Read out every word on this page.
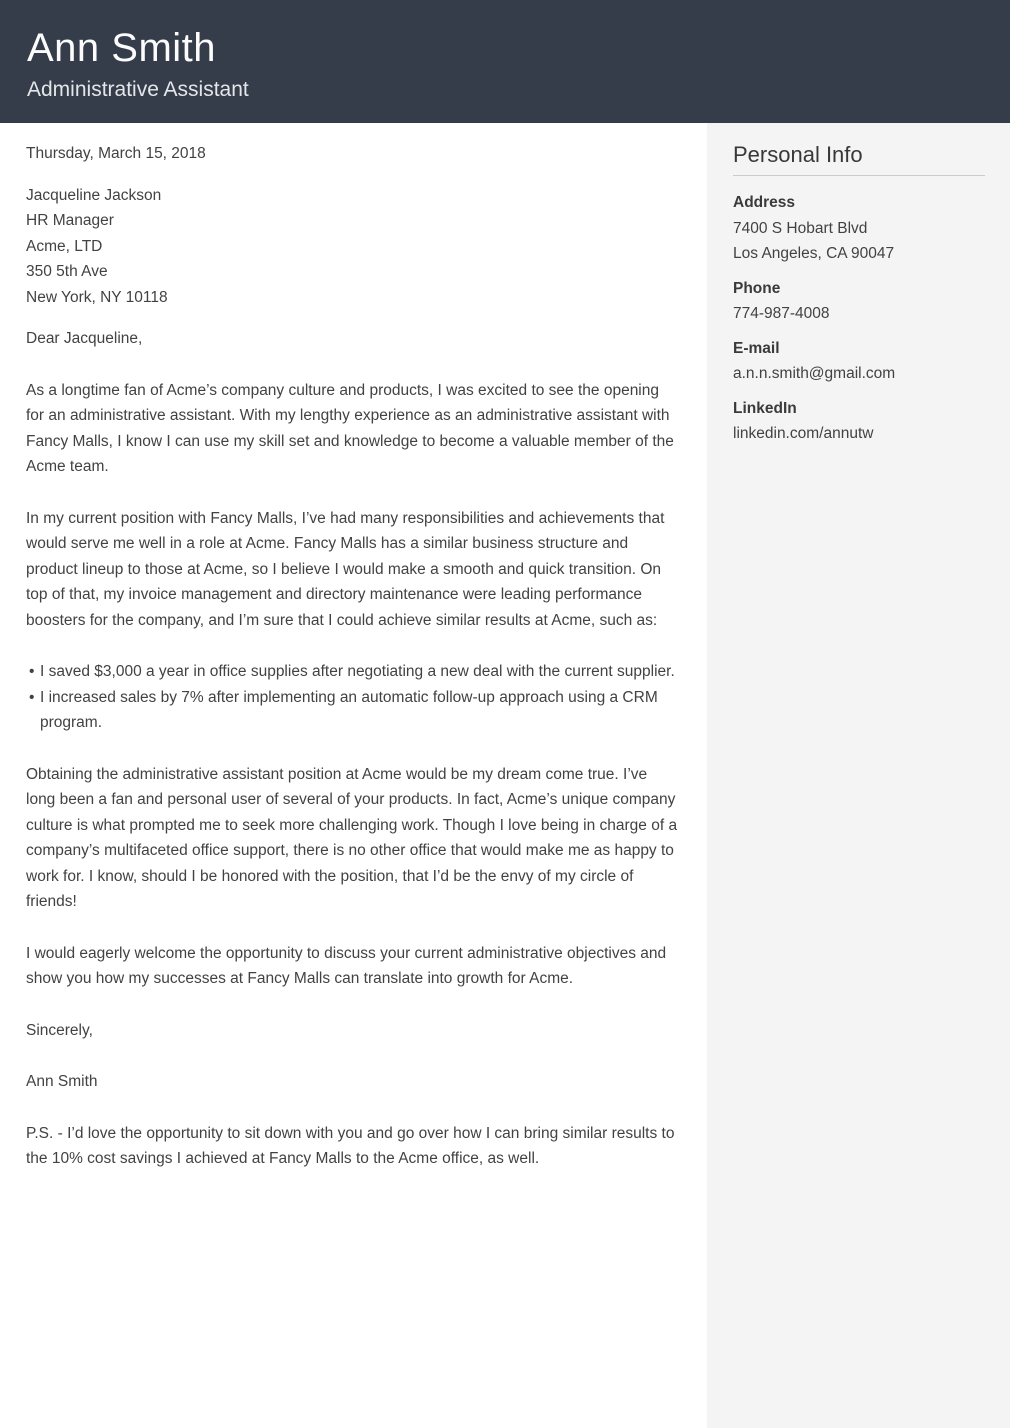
Ann Smith
Administrative Assistant

Thursday, March 15, 2018

Jacqueline Jackson
HR Manager
Acme, LTD
350 5th Ave
New York, NY 10118

Dear Jacqueline,

As a longtime fan of Acme’s company culture and products, I was excited to see the opening for an administrative assistant. With my lengthy experience as an administrative assistant with Fancy Malls, I know I can use my skill set and knowledge to become a valuable member of the Acme team.

In my current position with Fancy Malls, I’ve had many responsibilities and achievements that would serve me well in a role at Acme. Fancy Malls has a similar business structure and product lineup to those at Acme, so I believe I would make a smooth and quick transition. On top of that, my invoice management and directory maintenance were leading performance boosters for the company, and I’m sure that I could achieve similar results at Acme, such as:

• I saved $3,000 a year in office supplies after negotiating a new deal with the current supplier.
• I increased sales by 7% after implementing an automatic follow-up approach using a CRM program.

Obtaining the administrative assistant position at Acme would be my dream come true. I’ve long been a fan and personal user of several of your products. In fact, Acme’s unique company culture is what prompted me to seek more challenging work. Though I love being in charge of a company’s multifaceted office support, there is no other office that would make me as happy to work for. I know, should I be honored with the position, that I’d be the envy of my circle of friends!

I would eagerly welcome the opportunity to discuss your current administrative objectives and show you how my successes at Fancy Malls can translate into growth for Acme.

Sincerely,

Ann Smith

P.S. - I’d love the opportunity to sit down with you and go over how I can bring similar results to the 10% cost savings I achieved at Fancy Malls to the Acme office, as well.

Personal Info
Address
7400 S Hobart Blvd
Los Angeles, CA 90047
Phone
774-987-4008
E-mail
a.n.n.smith@gmail.com
LinkedIn
linkedin.com/annutw
